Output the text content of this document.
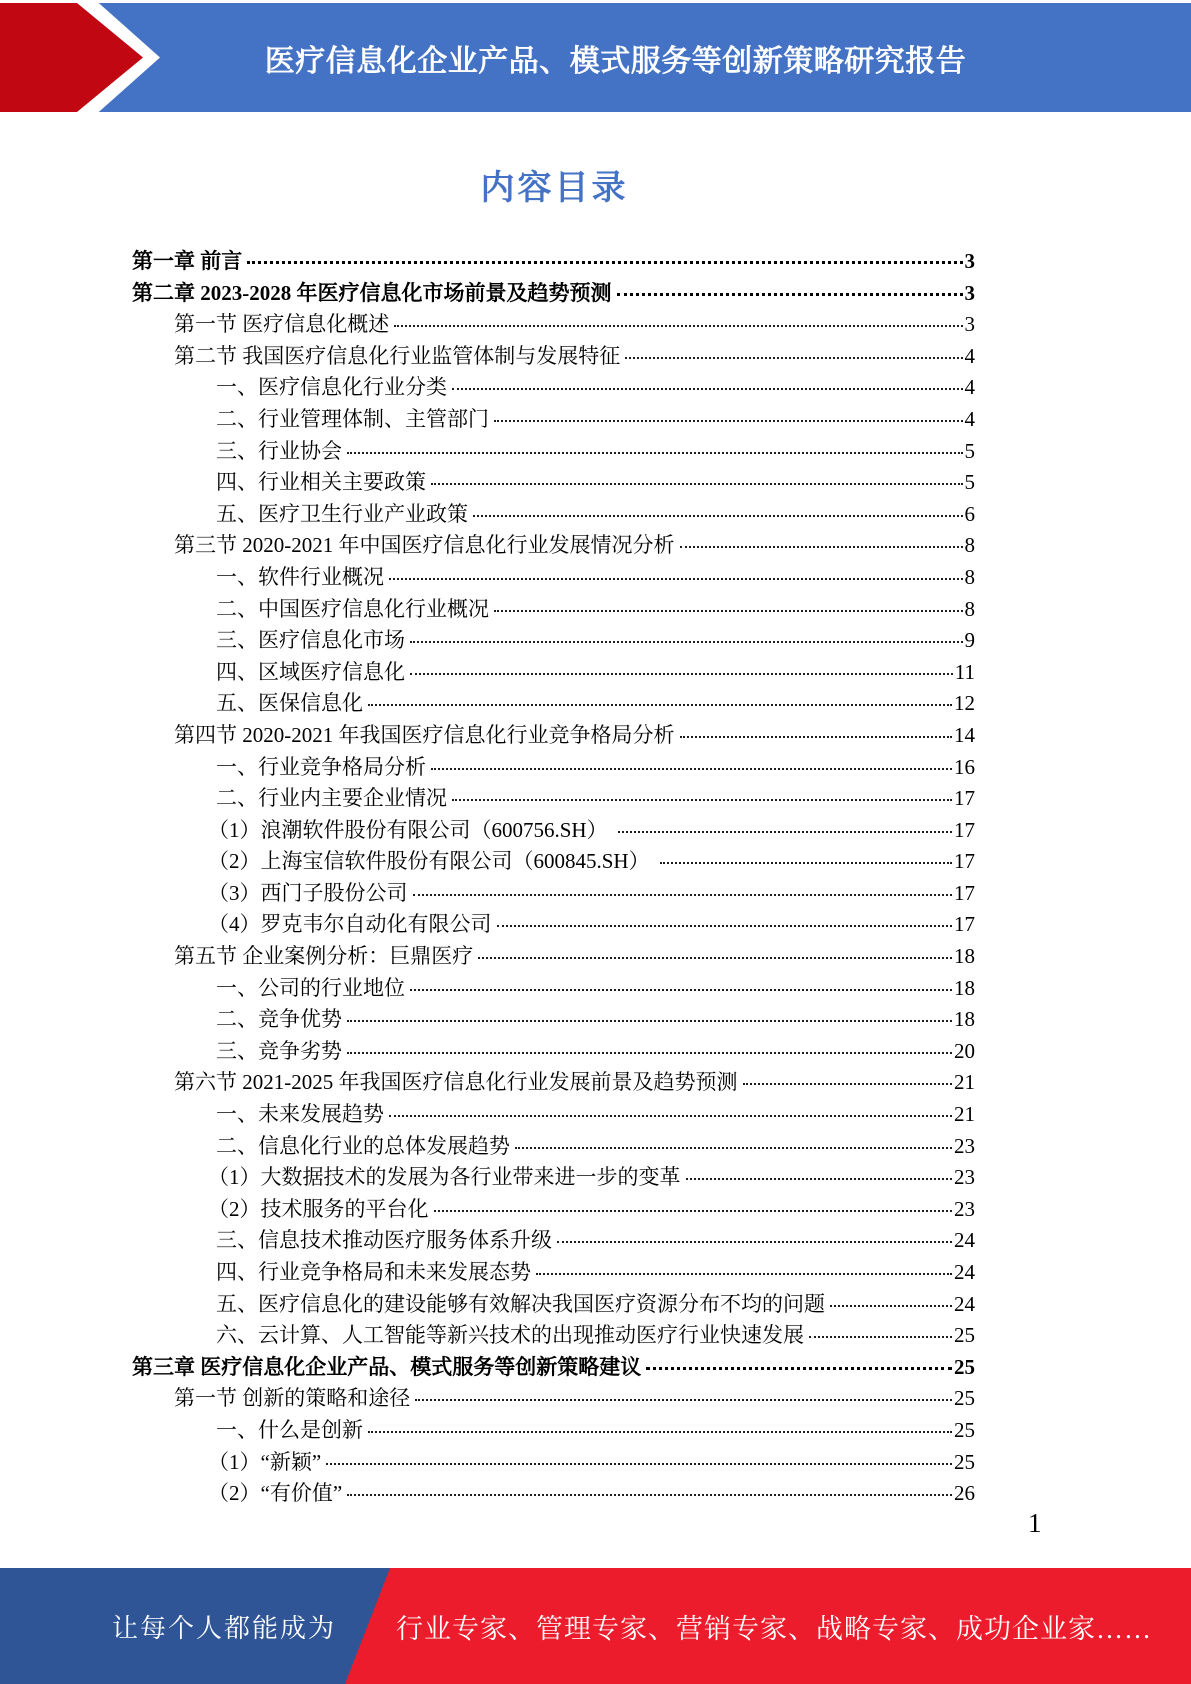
医疗信息化企业产品、模式服务等创新策略研究报告
内容目录
第一章 前言	3
第二章 2023-2028 年医疗信息化市场前景及趋势预测	3
第一节 医疗信息化概述	3
第二节 我国医疗信息化行业监管体制与发展特征	4
一、医疗信息化行业分类	4
二、行业管理体制、主管部门	4
三、行业协会	5
四、行业相关主要政策	5
五、医疗卫生行业产业政策	6
第三节 2020-2021 年中国医疗信息化行业发展情况分析	8
一、软件行业概况	8
二、中国医疗信息化行业概况	8
三、医疗信息化市场	9
四、区域医疗信息化	11
五、医保信息化	12
第四节 2020-2021 年我国医疗信息化行业竞争格局分析	14
一、行业竞争格局分析	16
二、行业内主要企业情况	17
（1）浪潮软件股份有限公司（600756.SH）	17
（2）上海宝信软件股份有限公司（600845.SH）	17
（3）西门子股份公司	17
（4）罗克韦尔自动化有限公司	17
第五节 企业案例分析：巨鼎医疗	18
一、公司的行业地位	18
二、竞争优势	18
三、竞争劣势	20
第六节 2021-2025 年我国医疗信息化行业发展前景及趋势预测	21
一、未来发展趋势	21
二、信息化行业的总体发展趋势	23
（1）大数据技术的发展为各行业带来进一步的变革	23
（2）技术服务的平台化	23
三、信息技术推动医疗服务体系升级	24
四、行业竞争格局和未来发展态势	24
五、医疗信息化的建设能够有效解决我国医疗资源分布不均的问题	24
六、云计算、人工智能等新兴技术的出现推动医疗行业快速发展	25
第三章 医疗信息化企业产品、模式服务等创新策略建议	25
第一节 创新的策略和途径	25
一、什么是创新	25
（1）“新颖”	25
（2）“有价值”	26
1
让每个人都能成为 行业专家、管理专家、营销专家、战略专家、成功企业家……
